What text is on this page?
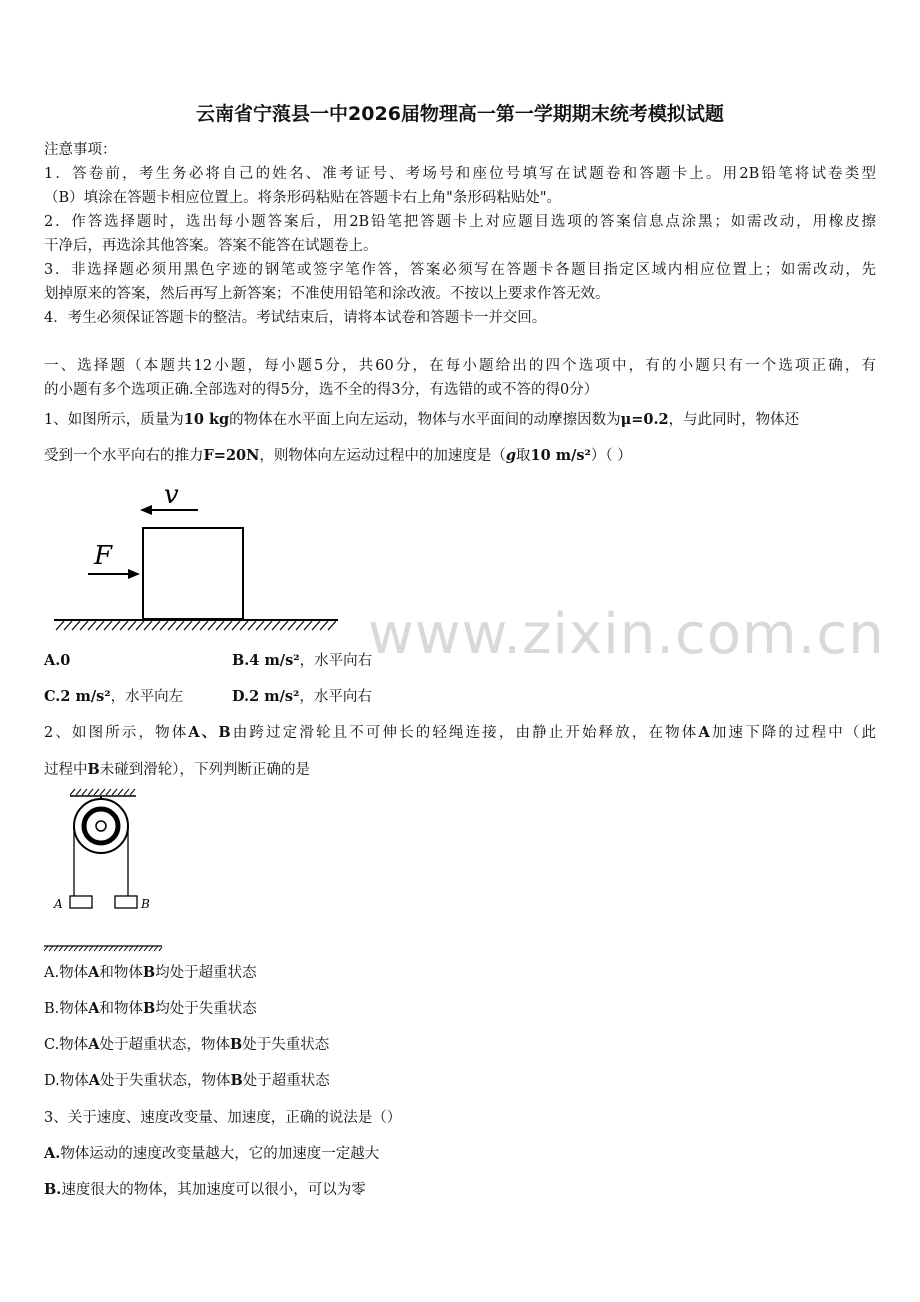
云南省宁蒗县一中2026届物理高一第一学期期末统考模拟试题
注意事项：
1．答卷前，考生务必将自己的姓名、准考证号、考场号和座位号填写在试题卷和答题卡上。用2B铅笔将试卷类型
（B）填涂在答题卡相应位置上。将条形码粘贴在答题卡右上角"条形码粘贴处"。
2．作答选择题时，选出每小题答案后，用2B铅笔把答题卡上对应题目选项的答案信息点涂黑；如需改动，用橡皮擦
干净后，再选涂其他答案。答案不能答在试题卷上。
3．非选择题必须用黑色字迹的钢笔或签字笔作答，答案必须写在答题卡各题目指定区域内相应位置上；如需改动，先
划掉原来的答案，然后再写上新答案；不准使用铅笔和涂改液。不按以上要求作答无效。
4．考生必须保证答题卡的整洁。考试结束后，请将本试卷和答题卡一并交回。
一、选择题（本题共12小题，每小题5分，共60分，在每小题给出的四个选项中，有的小题只有一个选项正确，有
的小题有多个选项正确.全部选对的得5分，选不全的得3分，有选错的或不答的得0分）
1、如图所示，质量为10 kg的物体在水平面上向左运动，物体与水平面间的动摩擦因数为μ=0.2，与此同时，物体还
受到一个水平向右的推力F=20N，则物体向左运动过程中的加速度是（g取10 m/s²）（ ）
v
F
www.zixin.com.cn
A.0	B.4 m/s²，水平向右
C.2 m/s²，水平向左	D.2 m/s²，水平向右
2、如图所示，物体A、B由跨过定滑轮且不可伸长的轻绳连接，由静止开始释放，在物体A加速下降的过程中（此
过程中B未碰到滑轮），下列判断正确的是
A	B
A.物体A和物体B均处于超重状态
B.物体A和物体B均处于失重状态
C.物体A处于超重状态，物体B处于失重状态
D.物体A处于失重状态，物体B处于超重状态
3、关于速度、速度改变量、加速度，正确的说法是（）
A.物体运动的速度改变量越大，它的加速度一定越大
B.速度很大的物体，其加速度可以很小，可以为零
